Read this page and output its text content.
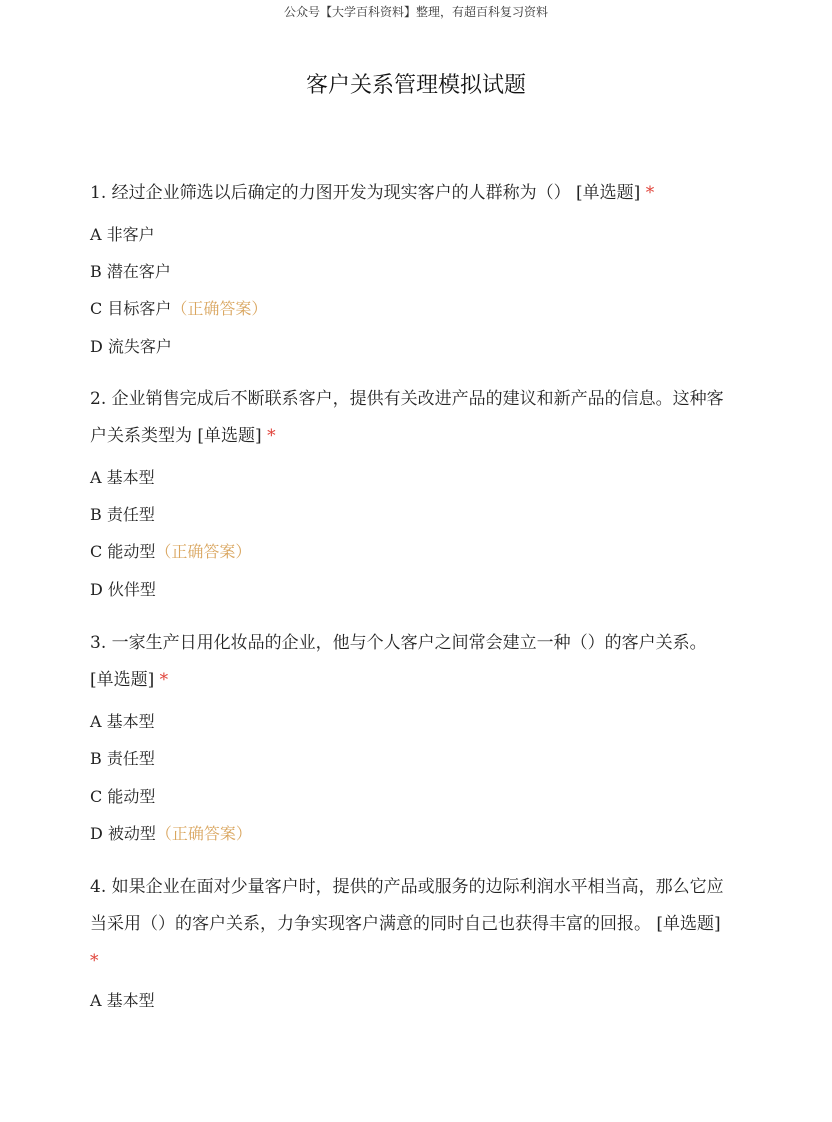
公众号【大学百科资料】整理，有超百科复习资料
客户关系管理模拟试题

1. 经过企业筛选以后确定的力图开发为现实客户的人群称为（） [单选题] *

A 非客户

B 潜在客户

C 目标客户（正确答案）

D 流失客户

2. 企业销售完成后不断联系客户，提供有关改进产品的建议和新产品的信息。这种客户关系类型为 [单选题] *

A 基本型

B 责任型

C 能动型（正确答案）

D 伙伴型

3. 一家生产日用化妆品的企业，他与个人客户之间常会建立一种（）的客户关系。 [单选题] *

A 基本型

B 责任型

C 能动型

D 被动型（正确答案）

4. 如果企业在面对少量客户时，提供的产品或服务的边际利润水平相当高，那么它应当采用（）的客户关系，力争实现客户满意的同时自己也获得丰富的回报。 [单选题] *

A 基本型
